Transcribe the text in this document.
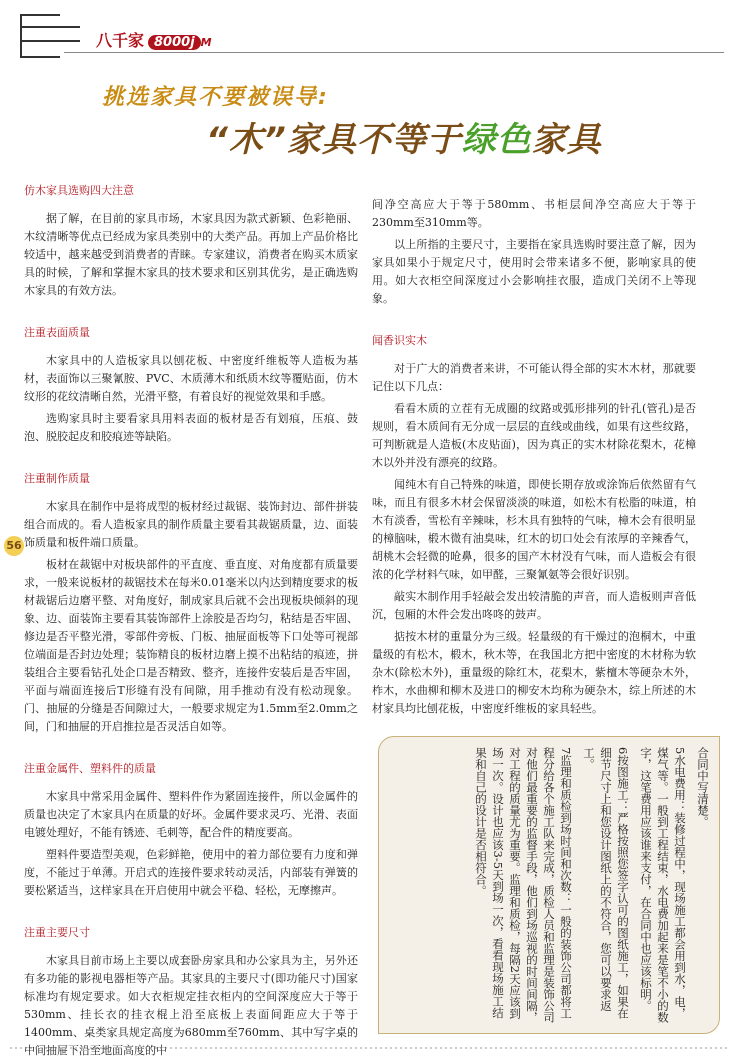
八千家 8000j M
挑选家具不要被误导:
“木”家具不等于绿色家具
56
仿木家具选购四大注意

据了解，在目前的家具市场，木家具因为款式新颖、色彩艳丽、木纹清晰等优点已经成为家具类别中的大类产品。再加上产品价格比较适中，越来越受到消费者的青睐。专家建议，消费者在购买木质家具的时候，了解和掌握木家具的技术要求和区别其优劣，是正确选购木家具的有效方法。

注重表面质量

木家具中的人造板家具以刨花板、中密度纤维板等人造板为基材，表面饰以三聚氰胺、PVC、木质薄木和纸质木纹等覆贴面，仿木纹形的花纹清晰自然，光滑平整，有着良好的视觉效果和手感。

选购家具时主要看家具用料表面的板材是否有划痕，压痕、鼓泡、脱胶起皮和胶痕迹等缺陷。

注重制作质量

木家具在制作中是将成型的板材经过裁锯、装饰封边、部件拼装组合而成的。看人造板家具的制作质量主要看其裁锯质量，边、面装饰质量和板件端口质量。

板材在裁锯中对板块部件的平直度、垂直度、对角度都有质量要求，一般来说板材的裁锯技术在每米0.01毫米以内达到精度要求的板材裁锯后边磨平整、对角度好，制成家具后就不会出现板块倾斜的现象、边、面装饰主要看其装饰部件上涂胶是否均匀，粘结是否牢固、修边是否平整光滑，零部件旁板、门板、抽屉面板等下口处等可视部位端面是否封边处理；装饰精良的板材边磨上摸不出粘结的痕迹，拼装组合主要看钻孔处企口是否精致、整齐，连接件安装后是否牢固，平面与端面连接后T形缝有没有间隙，用手推动有没有松动现象。门、抽屉的分缝是否间隙过大，一般要求规定为1.5mm至2.0mm之间，门和抽屉的开启推拉是否灵活自如等。

注重金属件、塑料件的质量

木家具中常采用金属件、塑料件作为紧固连接件，所以金属件的质量也决定了木家具内在质量的好坏。金属件要求灵巧、光滑、表面电镀处理好，不能有锈迹、毛刺等，配合件的精度要高。

塑料件要造型美观，色彩鲜艳，使用中的着力部位要有力度和弹度，不能过于单薄。开启式的连接件要求转动灵活，内部装有弹簧的要松紧适当，这样家具在开启使用中就会平稳、轻松，无摩擦声。

注重主要尺寸

木家具目前市场上主要以成套卧房家具和办公家具为主，另外还有多功能的影视电器柜等产品。其家具的主要尺寸(即功能尺寸)国家标准均有规定要求。如大衣柜规定挂衣柜内的空间深度应大于等于530mm、挂长衣的挂衣棍上沿至底板上表面间距应大于等于1400mm、桌类家具规定高度为680mm至760mm、其中写字桌的中间抽屉下沿至地面高度的中

间净空高应大于等于580mm、书柜层间净空高应大于等于230mm至310mm等。

以上所指的主要尺寸，主要指在家具选购时要注意了解，因为家具如果小于规定尺寸，使用时会带来诸多不便，影响家具的使用。如大衣柜空间深度过小会影响挂衣服，造成门关闭不上等现象。

闻香识实木

对于广大的消费者来讲，不可能认得全部的实木木材，那就要记住以下几点：

看看木质的立茬有无成圈的纹路或弧形排列的针孔(管孔)是否规则，看木质间有无分成一层层的直线或曲线，如果有这些纹路，可判断就是人造板(木皮贴面)，因为真正的实木材除花梨木，花樟木以外并没有漂亮的纹路。

闻纯木有自己特殊的味道，即使长期存放或涂饰后依然留有气味，而且有很多木材会保留淡淡的味道，如松木有松脂的味道，柏木有淡香，雪松有辛辣味，杉木具有独特的气味，樟木会有很明显的樟脑味，椴木微有油臭味，红木的切口处会有浓厚的辛辣香气，胡桃木会轻微的呛鼻，很多的国产木材没有气味，而人造板会有很浓的化学材料气味，如甲醛，三聚氰氨等会很好识别。

敲实木制作用手轻敲会发出较清脆的声音，而人造板则声音低沉，包厢的木件会发出咚咚的鼓声。

掂按木材的重量分为三级。轻量级的有干燥过的泡桐木，中重量级的有松木，椴木，秋木等，在我国北方把中密度的木材称为软杂木(除松木外)，重量级的除红木，花梨木，紫檀木等硬杂木外，柞木，水曲柳和柳木及进口的柳安木均称为硬杂木，综上所述的木材家具均比刨花板，中密度纤维板的家具轻些。

合同中写清楚。

5水电费用：装修过程中，现场施工都会用到水，电，煤气等。一般到工程结束，水电费加起来是笔不小的数字，这笔费用应该谁来支付，在合同中也应该标明。

6按图施工：严格按照您签字认可的图纸施工，如果在细节尺寸上和您设计图纸上的不符合，您可以要求返工。

7监理和质检到场时间和次数：一般的装饰公司都将工程分给各个施工队来完成，质检人员和监理是装饰公司对他们最重要的监督手段，他们到场巡视的时间间隔，对工程的质量尤为重要。监理和质检，每隔2天应该到场一次。设计也应该3-5天到场一次，看看现场施工结果和自己的设计是否相符合。
